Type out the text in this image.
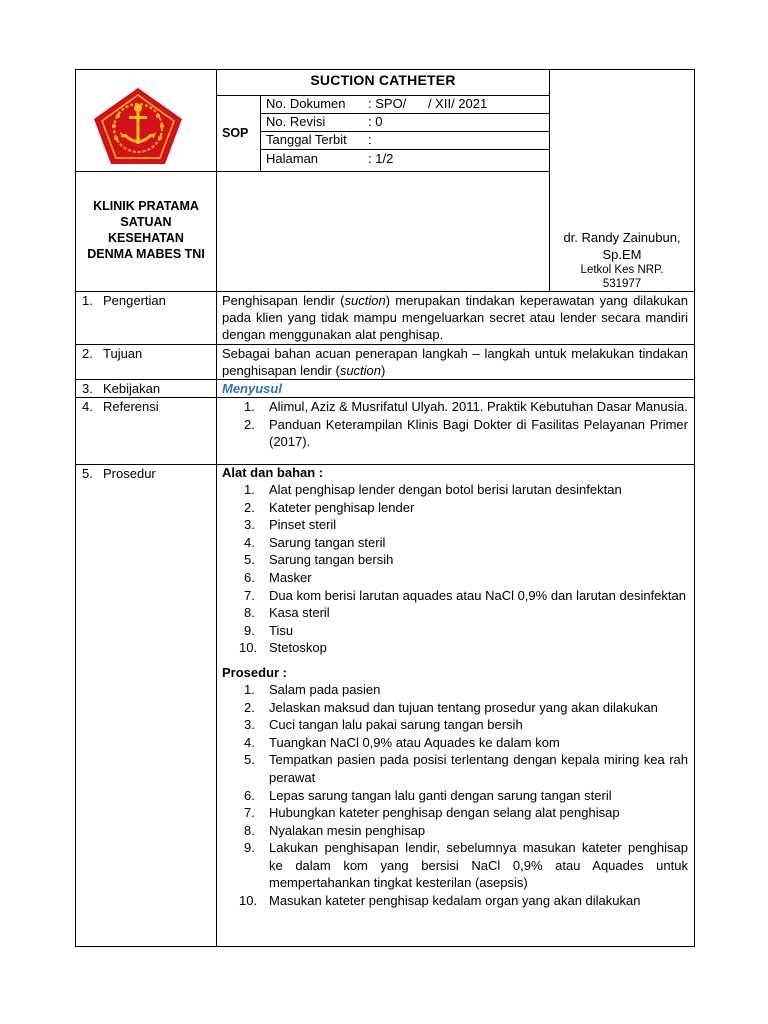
SUCTION CATHETER
SOP
No. Dokumen : SPO/      / XII/ 2021
No. Revisi	: 0
Tanggal Terbit :
Halaman	: 1/2
KLINIK PRATAMA
SATUAN
KESEHATAN
DENMA MABES TNI
dr. Randy Zainubun,
Sp.EM
Letkol Kes NRP.
531977
1. Pengertian	Penghisapan lendir (suction) merupakan tindakan keperawatan yang dilakukan pada klien yang tidak mampu mengeluarkan secret atau lender secara mandiri dengan menggunakan alat penghisap.
2. Tujuan	Sebagai bahan acuan penerapan langkah – langkah untuk melakukan tindakan penghisapan lendir (suction)
3. Kebijakan	Menyusul
4. Referensi	1.	Alimul, Aziz & Musrifatul Ulyah. 2011. Praktik Kebutuhan Dasar Manusia.
2.	Panduan Keterampilan Klinis Bagi Dokter di Fasilitas Pelayanan Primer (2017).
5. Prosedur	Alat dan bahan :
1.	Alat penghisap lender dengan botol berisi larutan desinfektan
2.	Kateter penghisap lender
3.	Pinset steril
4.	Sarung tangan steril
5.	Sarung tangan bersih
6.	Masker
7.	Dua kom berisi larutan aquades atau NaCl 0,9% dan larutan desinfektan
8.	Kasa steril
9.	Tisu
10. Stetoskop
Prosedur :
1.	Salam pada pasien
2.	Jelaskan maksud dan tujuan tentang prosedur yang akan dilakukan
3.	Cuci tangan lalu pakai sarung tangan bersih
4.	Tuangkan NaCl 0,9% atau Aquades ke dalam kom
5.	Tempatkan pasien pada posisi terlentang dengan kepala miring kea rah perawat
6.	Lepas sarung tangan lalu ganti dengan sarung tangan steril
7.	Hubungkan kateter penghisap dengan selang alat penghisap
8.	Nyalakan mesin penghisap
9.	Lakukan penghisapan lendir, sebelumnya masukan kateter penghisap ke dalam kom yang bersisi NaCl 0,9% atau Aquades untuk mempertahankan tingkat kesterilan (asepsis)
10. Masukan kateter penghisap kedalam organ yang akan dilakukan
